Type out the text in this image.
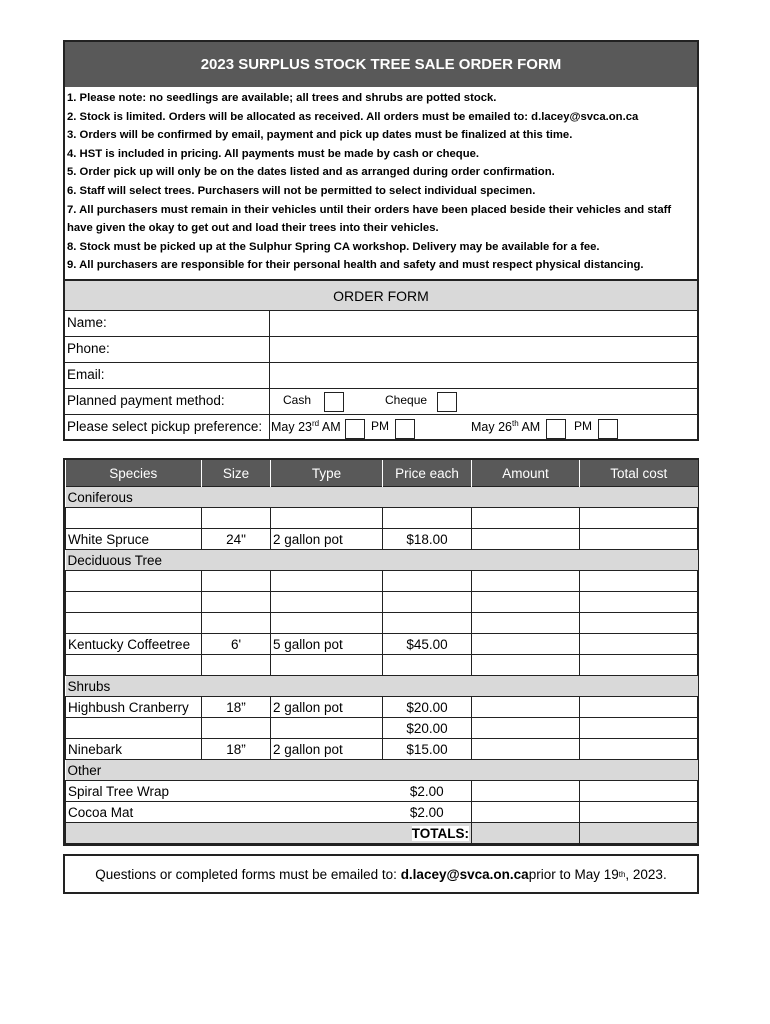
2023 SURPLUS STOCK TREE SALE ORDER FORM
1. Please note: no seedlings are available; all trees and shrubs are potted stock.
2. Stock is limited. Orders will be allocated as received. All orders must be emailed to: d.lacey@svca.on.ca
3. Orders will be confirmed by email, payment and pick up dates must be finalized at this time.
4. HST is included in pricing. All payments must be made by cash or cheque.
5. Order pick up will only be on the dates listed and as arranged during order confirmation.
6. Staff will select trees. Purchasers will not be permitted to select individual specimen.
7. All purchasers must remain in their vehicles until their orders have been placed beside their vehicles and staff have given the okay to get out and load their trees into their vehicles.
8. Stock must be picked up at the Sulphur Spring CA workshop. Delivery may be available for a fee.
9. All purchasers are responsible for their personal health and safety and must respect physical distancing.
ORDER FORM
Name:
Phone:
Email:
Planned payment method:	Cash	Cheque
Please select pickup preference: May 23rd AM	PM	May 26th AM	PM
Species	Size	Type	Price each	Amount	Total cost
Coniferous					

White Spruce	24"	2 gallon pot	$18.00		
Deciduous Tree					

Kentucky Coffeetree	6'	5 gallon pot	$45.00		

Shrubs					
Highbush Cranberry	18”	2 gallon pot	$20.00		
			$20.00		
Ninebark	18”	2 gallon pot	$15.00		
Other					
Spiral Tree Wrap			$2.00		
Cocoa Mat			$2.00		
TOTALS:					
Questions or completed forms must be emailed to:
d.lacey@svca.on.ca prior to May 19 th , 2023.
